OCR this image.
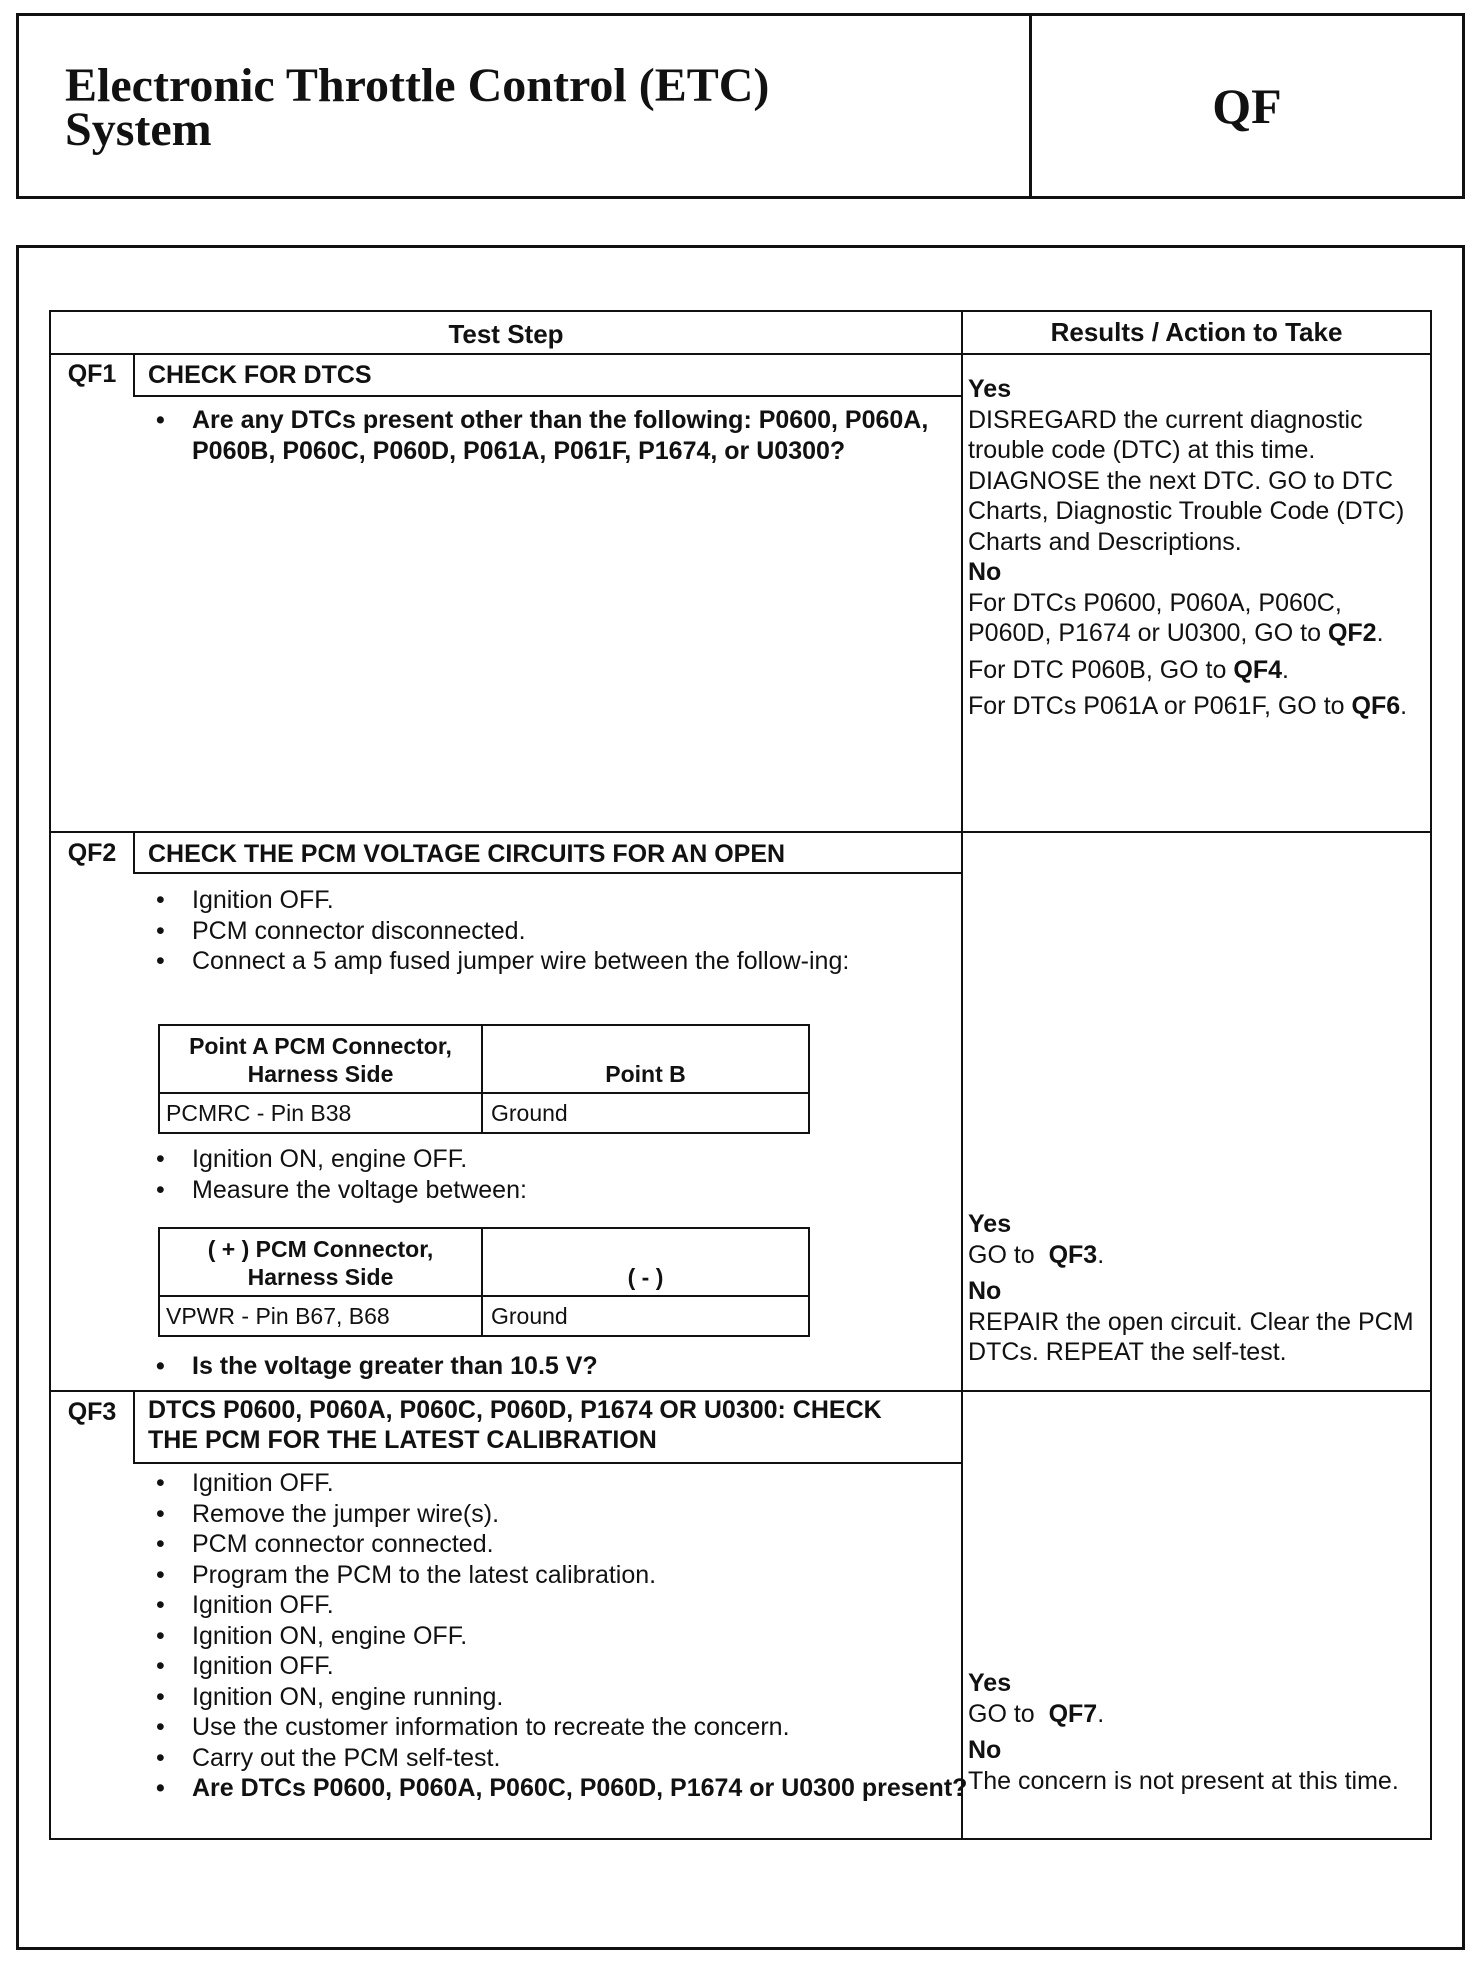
Electronic Throttle Control (ETC)
System	QF
Test Step	Results / Action to Take
QF1	CHECK FOR DTCS
• Are any DTCs present other than the following: P0600, P060A, P060B, P060C, P060D, P061A, P061F, P1674, or U0300?

Yes

DISREGARD the current diagnostic trouble code (DTC) at this time. DIAGNOSE the next DTC. GO to DTC Charts, Diagnostic Trouble Code (DTC) Charts and Descriptions.

No

For DTCs P0600, P060A, P060C, P060D, P1674 or U0300, GO to QF2.

For DTC P060B, GO to QF4.

For DTCs P061A or P061F, GO to QF6.

QF2	CHECK THE PCM VOLTAGE CIRCUITS FOR AN OPEN
• Ignition OFF.
• PCM connector disconnected.
• Connect a 5 amp fused jumper wire between the follow-ing:
Point A PCM Connector, Harness Side	Point B
PCMRC - Pin B38	Ground
• Ignition ON, engine OFF.
• Measure the voltage between:
( + ) PCM Connector, Harness Side	( - )
VPWR - Pin B67, B68	Ground
• Is the voltage greater than 10.5 V?

Yes

GO to QF3.

No

REPAIR the open circuit. Clear the PCM DTCs. REPEAT the self-test.

QF3	DTCS P0600, P060A, P060C, P060D, P1674 OR U0300: CHECK THE PCM FOR THE LATEST CALIBRATION
• Ignition OFF.
• Remove the jumper wire(s).
• PCM connector connected.
• Program the PCM to the latest calibration.
• Ignition OFF.
• Ignition ON, engine OFF.
• Ignition OFF.
• Ignition ON, engine running.
• Use the customer information to recreate the concern.
• Carry out the PCM self-test.
• Are DTCs P0600, P060A, P060C, P060D, P1674 or U0300 present?

Yes

GO to QF7.

No

The concern is not present at this time.
